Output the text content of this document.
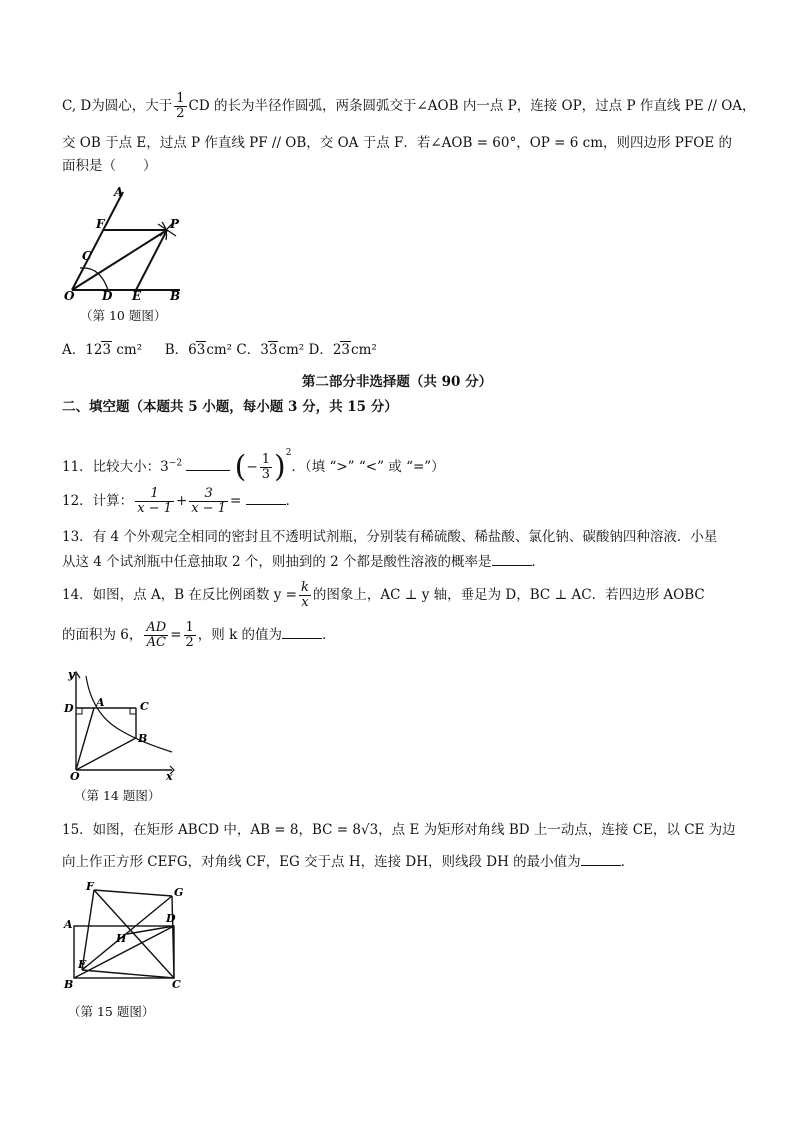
C, D为圆心，大于 $\frac{1}{2}$ CD 的长为半径作圆弧，两条圆弧交于∠AOB 内一点 P，连接 OP，过点 P 作直线 PE // OA，
交 OB 于点 E，过点 P 作直线 PF // OB，交 OA 于点 F．若∠AOB = 60°，OP = 6 cm，则四边形 PFOE 的
面积是（　　）
A
F	P
C
O D E B
（第 10 题图）
A．123 cm² B．63cm² C．33cm² D．23cm²
第二部分非选择题（共 90 分）
二、填空题（本题共 5 小题，每小题 3 分，共 15 分）
11．比较大小：$3^{-2}$ (− $\frac{1}{3} )^2$．（填 “>” “<” 或 “=”）
12．计算： $\frac{1}{x - 1} + \frac{3}{x - 1}$ =	．
13．有 4 个外观完全相同的密封且不透明试剂瓶，分别装有稀硫酸、稀盐酸、氯化钠、碳酸钠四种溶液．小星
从这 4 个试剂瓶中任意抽取 2 个，则抽到的 2 个都是酸性溶液的概率是	．
14．如图，点 A，B 在反比例函数 $y = \frac{k}{x}$ 的图象上，AC ⊥ y 轴，垂足为 D，BC ⊥ AC．若四边形 AOBC
的面积为 6， $\frac{AD}{AC} = \frac{1}{2}$ ，则 k 的值为	．
y
D A	C
B
O	x
（第 14 题图）
15．如图，在矩形 ABCD 中，AB = 8，BC = 8√3，点 E 为矩形对角线 BD 上一动点，连接 CE，以 CE 为边
向上作正方形 CEFG，对角线 CF，EG 交于点 H，连接 DH，则线段 DH 的最小值为	．
F	G
A	D
H
E
B	C
（第 15 题图）
